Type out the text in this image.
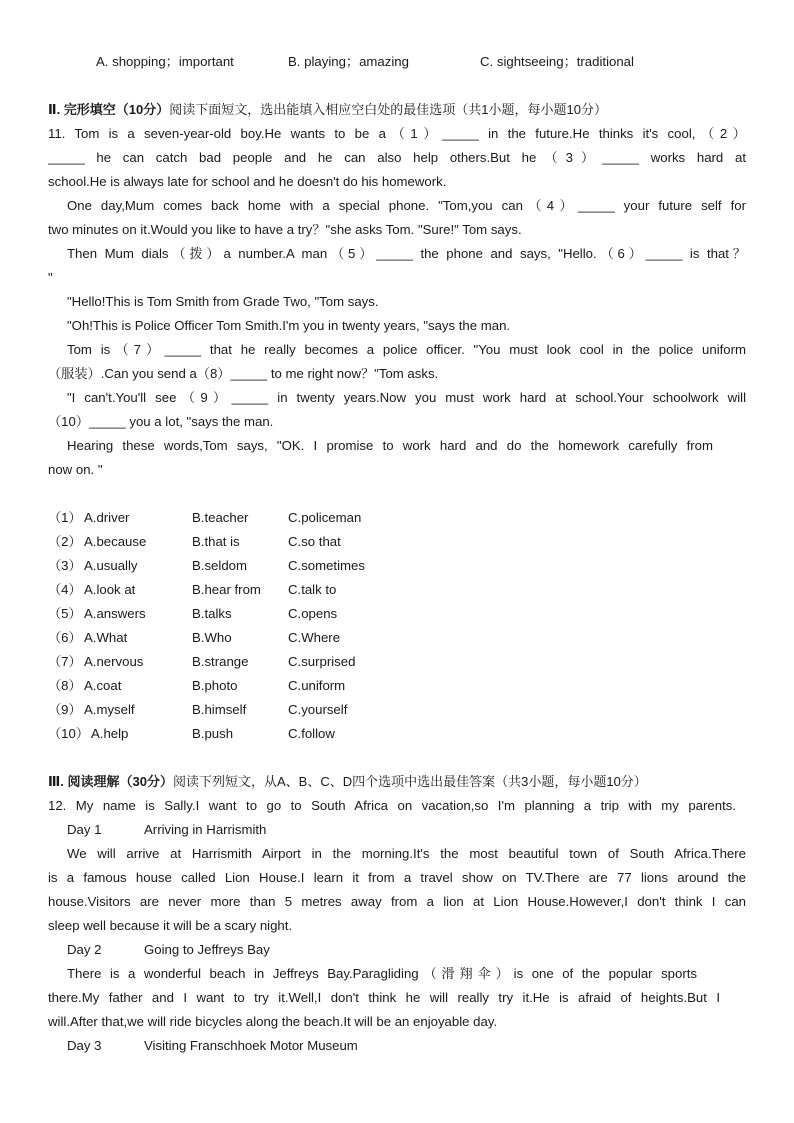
A. shopping；important	B. playing；amazing	C. sightseeing；traditional
Ⅱ. 完形填空（10分）阅读下面短文，选出能填入相应空白处的最佳选项（共1小题，每小题10分）
11. Tom is a seven-year-old boy.He wants to be a（1）_____ in the future.He thinks it's cool,（2）
_____ he can catch bad people and he can also help others.But he（3）_____ works hard at
school.He is always late for school and he doesn't do his homework.
One day,Mum comes back home with a special phone. "Tom,you can（4）_____ your future self for
two minutes on it.Would you like to have a try？"she asks Tom. "Sure!" Tom says.
Then Mum dials（拨）a number.A man（5）_____ the phone and says, "Hello.（6）_____ is that？
"
"Hello!This is Tom Smith from Grade Two, "Tom says.
"Oh!This is Police Officer Tom Smith.I'm you in twenty years, "says the man.
Tom is（7）_____ that he really becomes a police officer. "You must look cool in the police uniform
（服装）.Can you send a（8）_____ to me right now？"Tom asks.
"I can't.You'll see（9）_____ in twenty years.Now you must work hard at school.Your schoolwork will
（10）_____ you a lot, "says the man.
Hearing these words,Tom says, "OK. I promise to work hard and do the homework carefully from
now on. "
（1） A.driver	B.teacher	C.policeman
（2） A.because	B.that is	C.so that
（3） A.usually	B.seldom	C.sometimes
（4） A.look at	B.hear from C.talk to
（5） A.answers	B.talks	C.opens
（6） A.What	B.Who	C.Where
（7） A.nervous	B.strange	C.surprised
（8） A.coat	B.photo	C.uniform
（9） A.myself	B.himself	C.yourself
（10） A.help	B.push	C.follow
Ⅲ. 阅读理解（30分）阅读下列短文，从A、B、C、D四个选项中选出最佳答案（共3小题，每小题10分）
12. My name is Sally.I want to go to South Africa on vacation,so I'm planning a trip with my parents.
Day 1	Arriving in Harrismith
We will arrive at Harrismith Airport in the morning.It's the most beautiful town of South Africa.There
is a famous house called Lion House.I learn it from a travel show on TV.There are 77 lions around the
house.Visitors are never more than 5 metres away from a lion at Lion House.However,I don't think I can
sleep well because it will be a scary night.
Day 2	Going to Jeffreys Bay
There is a wonderful beach in Jeffreys Bay.Paragliding（滑翔伞）is one of the popular sports
there.My father and I want to try it.Well,I don't think he will really try it.He is afraid of heights.But I
will.After that,we will ride bicycles along the beach.It will be an enjoyable day.
Day 3	Visiting Franschhoek Motor Museum
